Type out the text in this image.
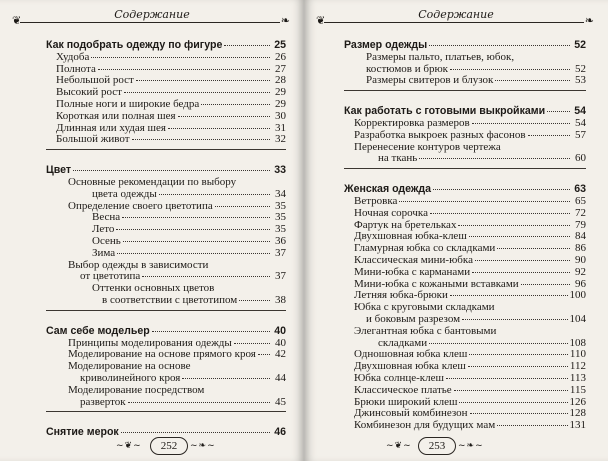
❦	Содержание	❧
Как подобрать одежду по фигуре	25
Худоба	26
Полнота	27
Небольшой рост	28
Высокий рост	29
Полные ноги и широкие бедра	29
Короткая или полная шея	30
Длинная или худая шея	31
Большой живот	32
Цвет	33
Основные рекомендации по выбору
цвета одежды	34
Определение своего цветотипа	35
Весна	35
Лето	35
Осень	36
Зима	37
Выбор одежды в зависимости
от цветотипа	37
Оттенки основных цветов
в соответствии с цветотипом	38
Сам себе модельер	40
Принципы моделирования одежды	40
Моделирование на основе прямого кроя 42
Моделирование на основе
криволинейного кроя	44
Моделирование посредством
разверток	45
Снятие мерок	46
~❦~	252	~❧~
❦	Содержание	❧
Размер одежды	52
Размеры пальто, платьев, юбок,
костюмов и брюк	52
Размеры свитеров и блузок	53
Как работать с готовыми выкройками	54
Корректировка размеров	54
Разработка выкроек разных фасонов	57
Перенесение контуров чертежа
на ткань	60
Женская одежда	63
Ветровка	65
Ночная сорочка	72
Фартук на бретельках	79
Двухшовная юбка-клеш	84
Гламурная юбка со складками	86
Классическая мини-юбка	90
Мини-юбка с карманами	92
Мини-юбка с кожаными вставками	96
Летняя юбка-брюки	100
Юбка с круговыми складками
и боковым разрезом	104
Элегантная юбка с бантовыми
складками	108
Одношовная юбка клеш	110
Двухшовная юбка клеш	112
Юбка солнце-клеш	113
Классическое платье	115
Брюки широкий клеш	126
Джинсовый комбинезон	128
Комбинезон для будущих мам	131
~❦~	253	~❧~
